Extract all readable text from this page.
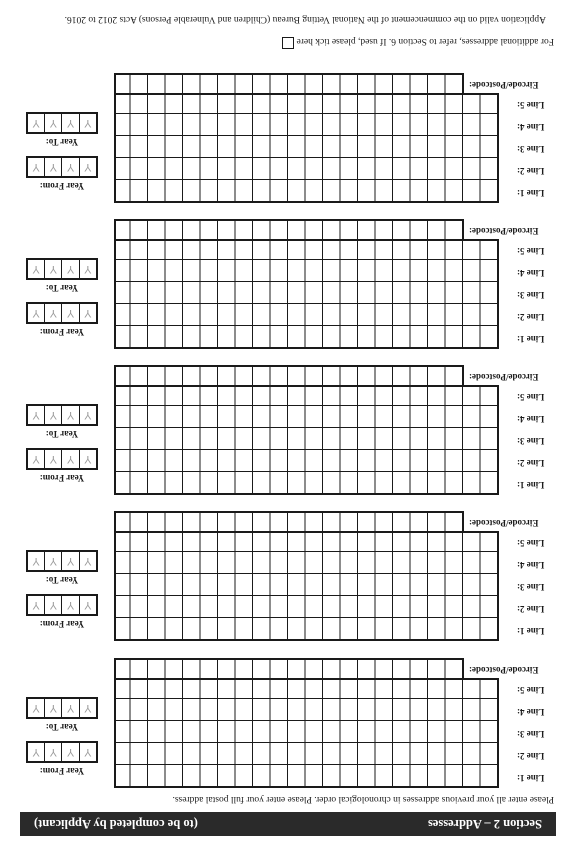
Section 2 – Addresses
(to be completed by Applicant)
Please enter all your previous addresses in chronological order. Please enter your full postal address.
Line 1:
Line 2:
Line 3:
Line 4:
Line 5:
Eircode/Postcode:
Year From:
Y
Y
Y
Y
Year To:
Y
Y
Y
Y
Line 1:
Line 2:
Line 3:
Line 4:
Line 5:
Eircode/Postcode:
Year From:
Y
Y
Y
Y
Year To:
Y
Y
Y
Y
Line 1:
Line 2:
Line 3:
Line 4:
Line 5:
Eircode/Postcode:
Year From:
Y
Y
Y
Y
Year To:
Y
Y
Y
Y
Line 1:
Line 2:
Line 3:
Line 4:
Line 5:
Eircode/Postcode:
Year From:
Y
Y
Y
Y
Year To:
Y
Y
Y
Y
Line 1:
Line 2:
Line 3:
Line 4:
Line 5:
Eircode/Postcode:
Year From:
Y
Y
Y
Y
Year To:
Y
Y
Y
Y
For additional addresses, refer to Section 6. If used, please tick here
Application valid on the commencement of the National Vetting Bureau (Children and Vulnerable Persons) Acts 2012 to 2016.
